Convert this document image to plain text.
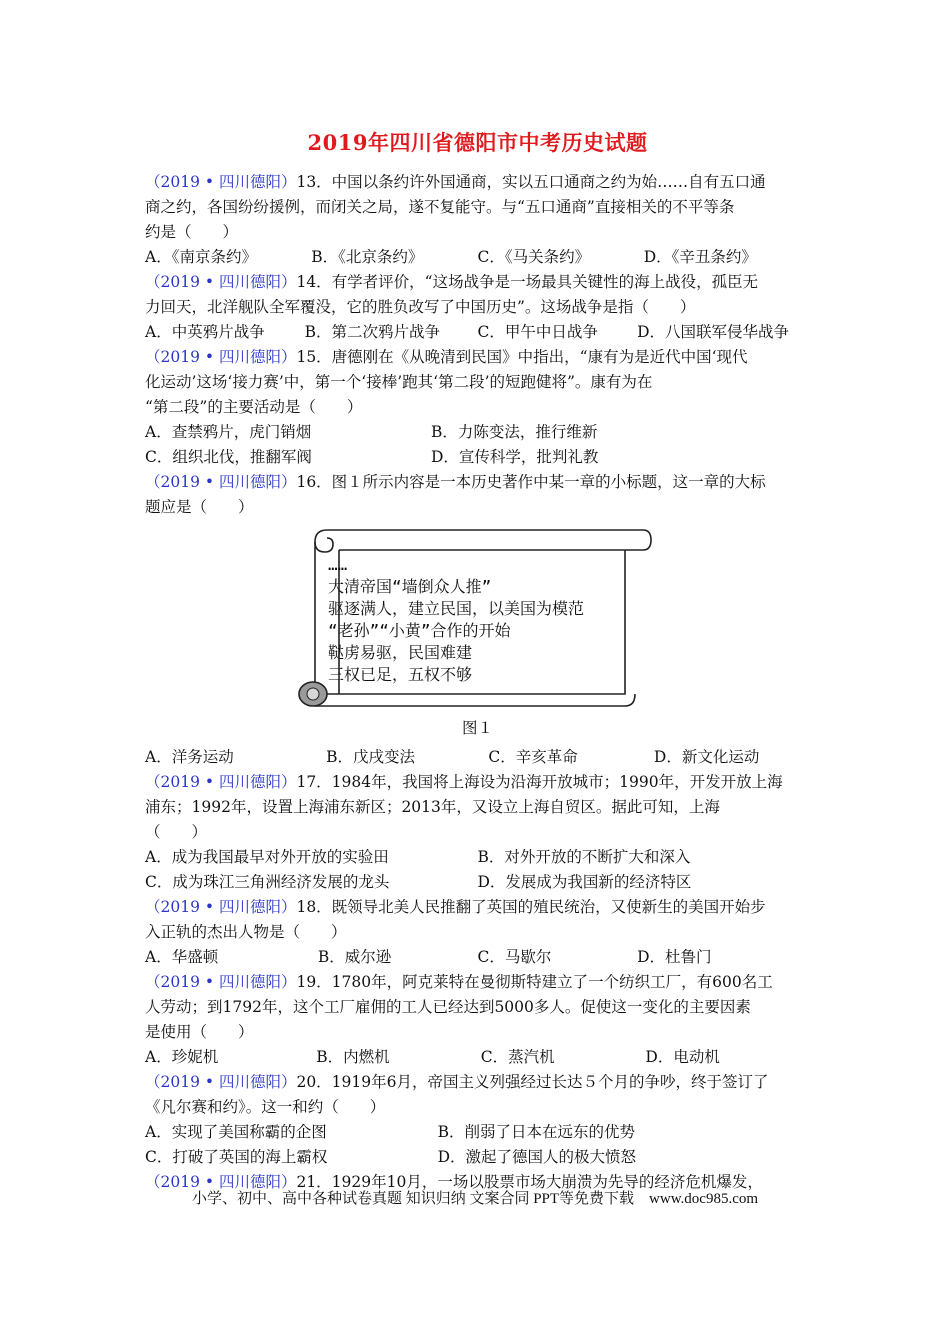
2019年四川省德阳市中考历史试题
（2019 • 四川德阳）13．中国以条约许外国通商，实以五口通商之约为始……自有五口通
商之约，各国纷纷援例，而闭关之局，遂不复能守。与“五口通商”直接相关的不平等条
约是（　　）
A．《南京条约》	B．《北京条约》	C．《马关条约》	D．《辛丑条约》
（2019 • 四川德阳）14．有学者评价，“这场战争是一场最具关键性的海上战役，孤臣无
力回天，北洋舰队全军覆没，它的胜负改写了中国历史”。这场战争是指（　　）
A．中英鸦片战争	B．第二次鸦片战争	C．甲午中日战争	D．八国联军侵华战争
（2019 • 四川德阳）15．唐德刚在《从晚清到民国》中指出，“康有为是近代中国‘现代
化运动’这场‘接力赛’中，第一个‘接棒’跑其‘第二段’的短跑健将”。康有为在
“第二段”的主要活动是（　　）
A．查禁鸦片，虎门销烟	B．力陈变法，推行维新
C．组织北伐，推翻军阀	D．宣传科学，批判礼教
（2019 • 四川德阳）16．图１所示内容是一本历史著作中某一章的小标题，这一章的大标
题应是（　　）
……
大清帝国“墙倒众人推”
驱逐满人，建立民国，以美国为模范
“老孙”“小黄”合作的开始
鞑虏易驱，民国难建
三权已足，五权不够
图１
A．洋务运动	B．戊戌变法	C．辛亥革命	D．新文化运动
（2019 • 四川德阳）17．1984年，我国将上海设为沿海开放城市；1990年，开发开放上海
浦东；1992年，设置上海浦东新区；2013年，又设立上海自贸区。据此可知，上海
（　　）
A．成为我国最早对外开放的实验田	B．对外开放的不断扩大和深入
C．成为珠江三角洲经济发展的龙头	D．发展成为我国新的经济特区
（2019 • 四川德阳）18．既领导北美人民推翻了英国的殖民统治，又使新生的美国开始步
入正轨的杰出人物是（　　）
A．华盛顿	B．威尔逊	C．马歇尔	D．杜鲁门
（2019 • 四川德阳）19．1780年，阿克莱特在曼彻斯特建立了一个纺织工厂，有600名工
人劳动；到1792年，这个工厂雇佣的工人已经达到5000多人。促使这一变化的主要因素
是使用（　　）
A．珍妮机	B．内燃机	C．蒸汽机	D．电动机
（2019 • 四川德阳）20．1919年6月，帝国主义列强经过长达５个月的争吵，终于签订了
《凡尔赛和约》。这一和约（　　）
A．实现了美国称霸的企图	B．削弱了日本在远东的优势
C．打破了英国的海上霸权	D．激起了德国人的极大愤怒
（2019 • 四川德阳）21．1929年10月，一场以股票市场大崩溃为先导的经济危机爆发，
小学、初中、高中各种试卷真题 知识归纳 文案合同 PPT等免费下载　www.doc985.com
